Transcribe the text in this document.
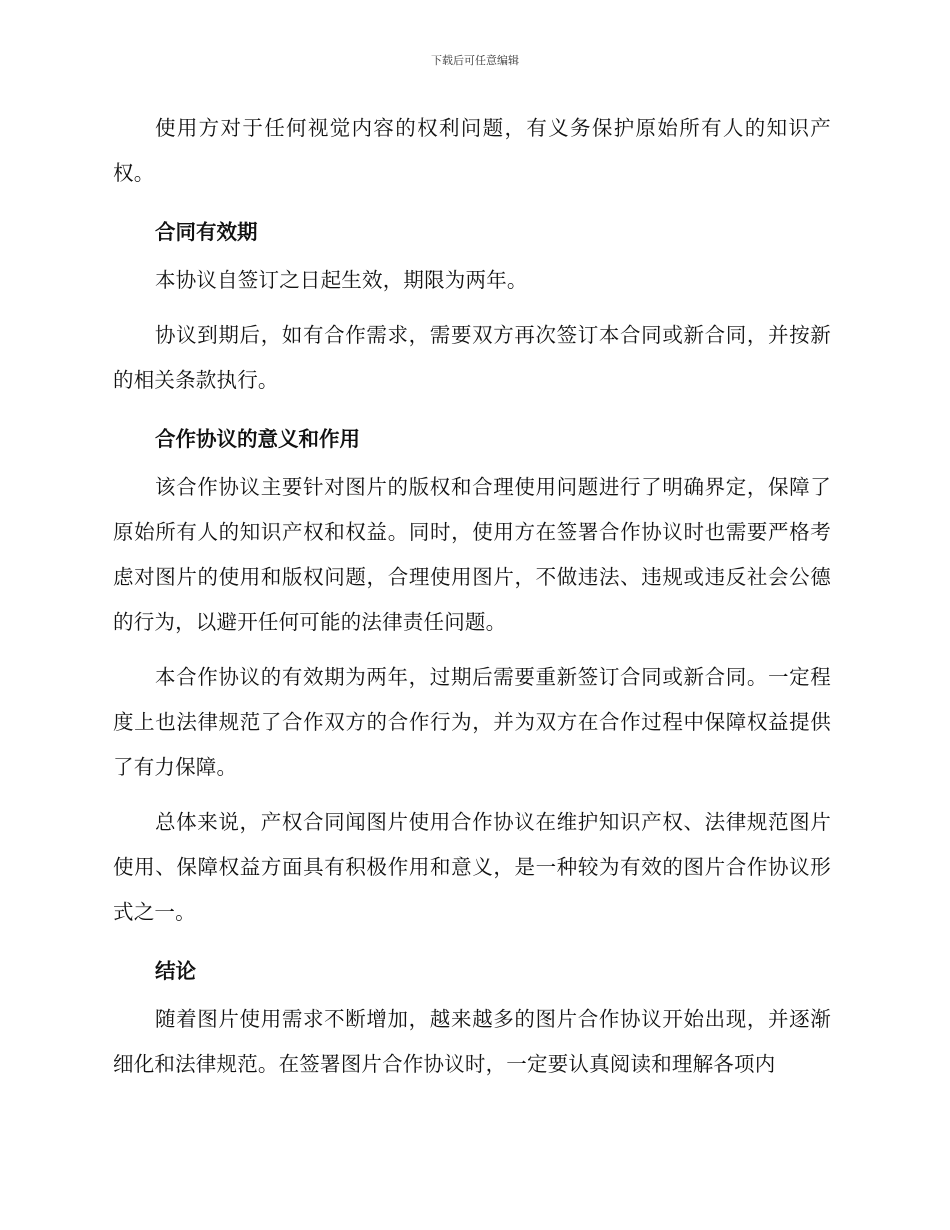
下载后可任意编辑

使用方对于任何视觉内容的权利问题，有义务保护原始所有人的知识产权。

合同有效期

本协议自签订之日起生效，期限为两年。

协议到期后，如有合作需求，需要双方再次签订本合同或新合同，并按新的相关条款执行。

合作协议的意义和作用

该合作协议主要针对图片的版权和合理使用问题进行了明确界定，保障了原始所有人的知识产权和权益。同时，使用方在签署合作协议时也需要严格考虑对图片的使用和版权问题，合理使用图片，不做违法、违规或违反社会公德的行为，以避开任何可能的法律责任问题。

本合作协议的有效期为两年，过期后需要重新签订合同或新合同。一定程度上也法律规范了合作双方的合作行为，并为双方在合作过程中保障权益提供了有力保障。

总体来说，产权合同闻图片使用合作协议在维护知识产权、法律规范图片使用、保障权益方面具有积极作用和意义，是一种较为有效的图片合作协议形式之一。

结论

随着图片使用需求不断增加，越来越多的图片合作协议开始出现，并逐渐细化和法律规范。在签署图片合作协议时，一定要认真阅读和理解各项内
